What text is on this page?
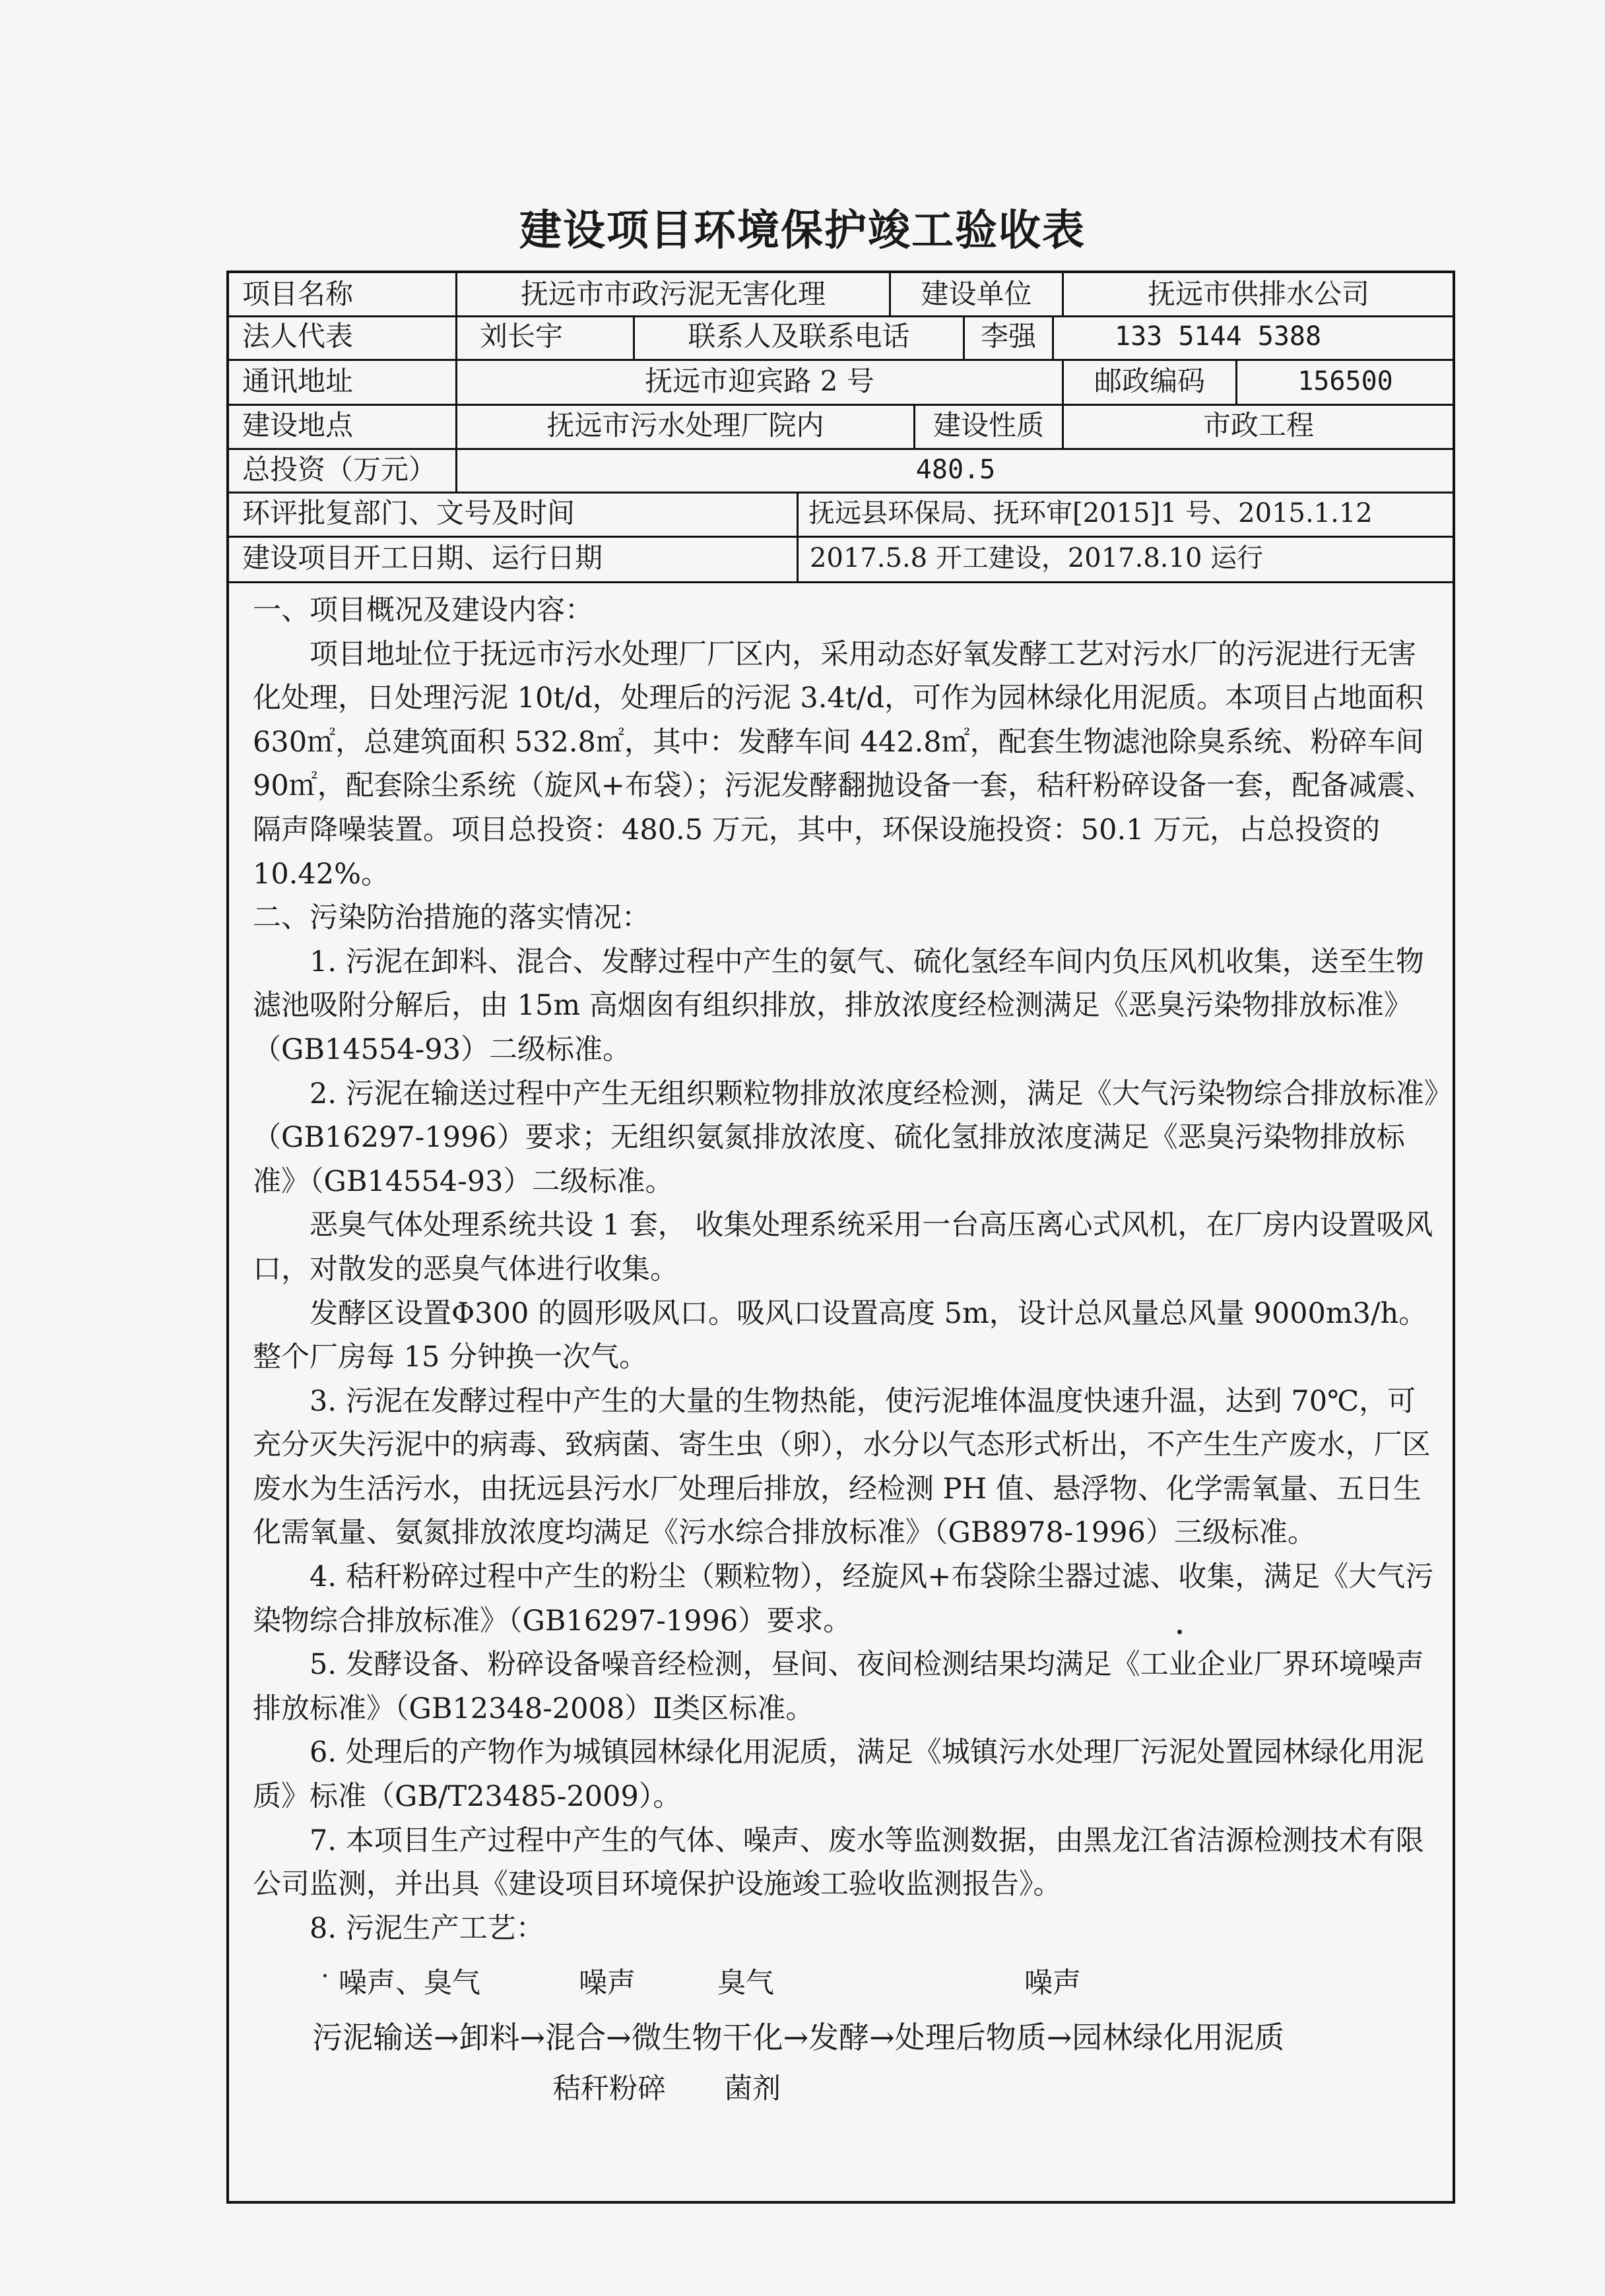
建设项目环境保护竣工验收表
项目名称	抚远市市政污泥无害化理	建设单位	抚远市供排水公司
法人代表	刘长宇	联系人及联系电话	李强	133 5144 5388
通讯地址	抚远市迎宾路 2 号	邮政编码	156500
建设地点	抚远市污水处理厂院内	建设性质	市政工程
总投资（万元）	480.5
环评批复部门、文号及时间	抚远县环保局、抚环审[2015]1 号、2015.1.12
建设项目开工日期、运行日期	2017.5.8 开工建设，2017.8.10 运行

一、项目概况及建设内容：

项目地址位于抚远市污水处理厂厂区内，采用动态好氧发酵工艺对污水厂的污泥进行无害化处理，日处理污泥 10t/d，处理后的污泥 3.4t/d，可作为园林绿化用泥质。本项目占地面积 630㎡，总建筑面积 532.8㎡，其中：发酵车间 442.8㎡，配套生物滤池除臭系统、粉碎车间 90㎡，配套除尘系统（旋风+布袋）；污泥发酵翻抛设备一套，秸秆粉碎设备一套，配备减震、隔声降噪装置。项目总投资：480.5 万元，其中，环保设施投资：50.1 万元，占总投资的 10.42%。

二、污染防治措施的落实情况：

1. 污泥在卸料、混合、发酵过程中产生的氨气、硫化氢经车间内负压风机收集，送至生物滤池吸附分解后，由 15m 高烟囱有组织排放，排放浓度经检测满足《恶臭污染物排放标准》（GB14554-93）二级标准。

2. 污泥在输送过程中产生无组织颗粒物排放浓度经检测，满足《大气污染物综合排放标准》（GB16297-1996）要求；无组织氨氮排放浓度、硫化氢排放浓度满足《恶臭污染物排放标准》（GB14554-93）二级标准。

恶臭气体处理系统共设 1 套， 收集处理系统采用一台高压离心式风机，在厂房内设置吸风口，对散发的恶臭气体进行收集。

发酵区设置Φ300 的圆形吸风口。吸风口设置高度 5m，设计总风量总风量 9000m3/h。整个厂房每 15 分钟换一次气。

3. 污泥在发酵过程中产生的大量的生物热能，使污泥堆体温度快速升温，达到 70℃，可充分灭失污泥中的病毒、致病菌、寄生虫（卵），水分以气态形式析出，不产生生产废水，厂区废水为生活污水，由抚远县污水厂处理后排放，经检测 PH 值、悬浮物、化学需氧量、五日生化需氧量、氨氮排放浓度均满足《污水综合排放标准》（GB8978-1996）三级标准。

4. 秸秆粉碎过程中产生的粉尘（颗粒物），经旋风+布袋除尘器过滤、收集，满足《大气污染物综合排放标准》（GB16297-1996）要求。

5. 发酵设备、粉碎设备噪音经检测，昼间、夜间检测结果均满足《工业企业厂界环境噪声排放标准》（GB12348-2008）Ⅱ类区标准。

6. 处理后的产物作为城镇园林绿化用泥质，满足《城镇污水处理厂污泥处置园林绿化用泥质》标准（GB/T23485-2009）。

7. 本项目生产过程中产生的气体、噪声、废水等监测数据，由黑龙江省洁源检测技术有限公司监测，并出具《建设项目环境保护设施竣工验收监测报告》。

8. 污泥生产工艺：

噪声、臭气	噪声	臭气	噪声
污泥输送→卸料→混合→微生物干化→发酵→处理后物质→园林绿化用泥质
秸秆粉碎 菌剂
